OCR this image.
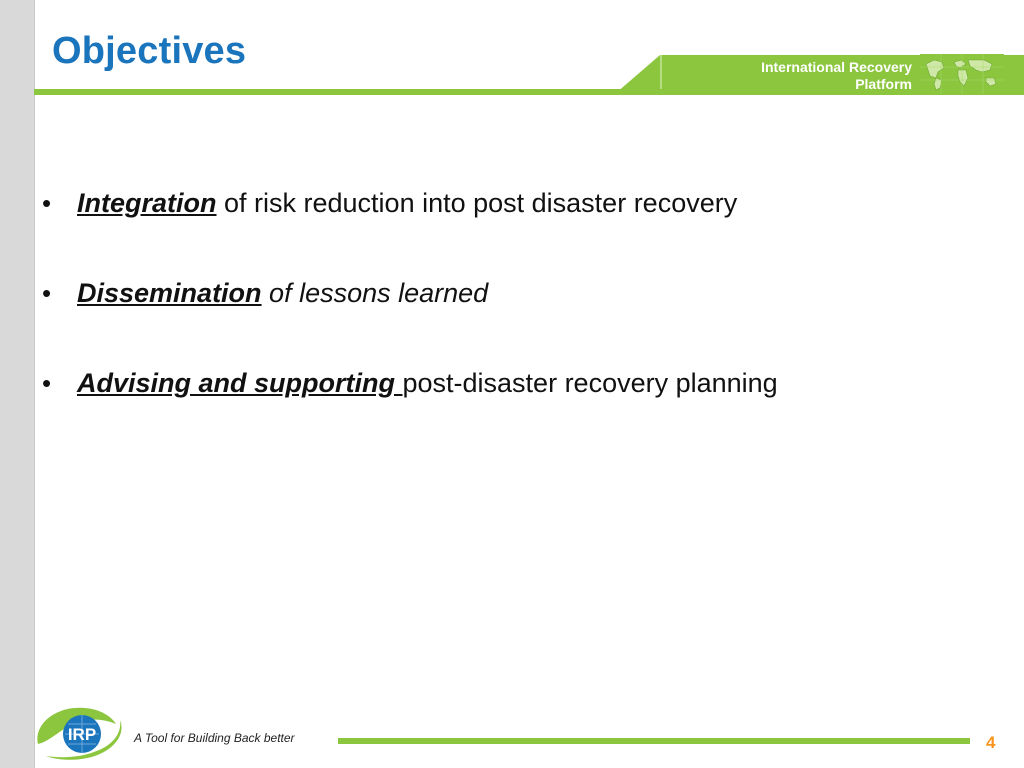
Objectives	International Recovery
Platform
• Integration of risk reduction into post disaster recovery
• Dissemination of lessons learned
• Advising and supporting post-disaster recovery planning
IRP	A Tool for Building Back better	4
